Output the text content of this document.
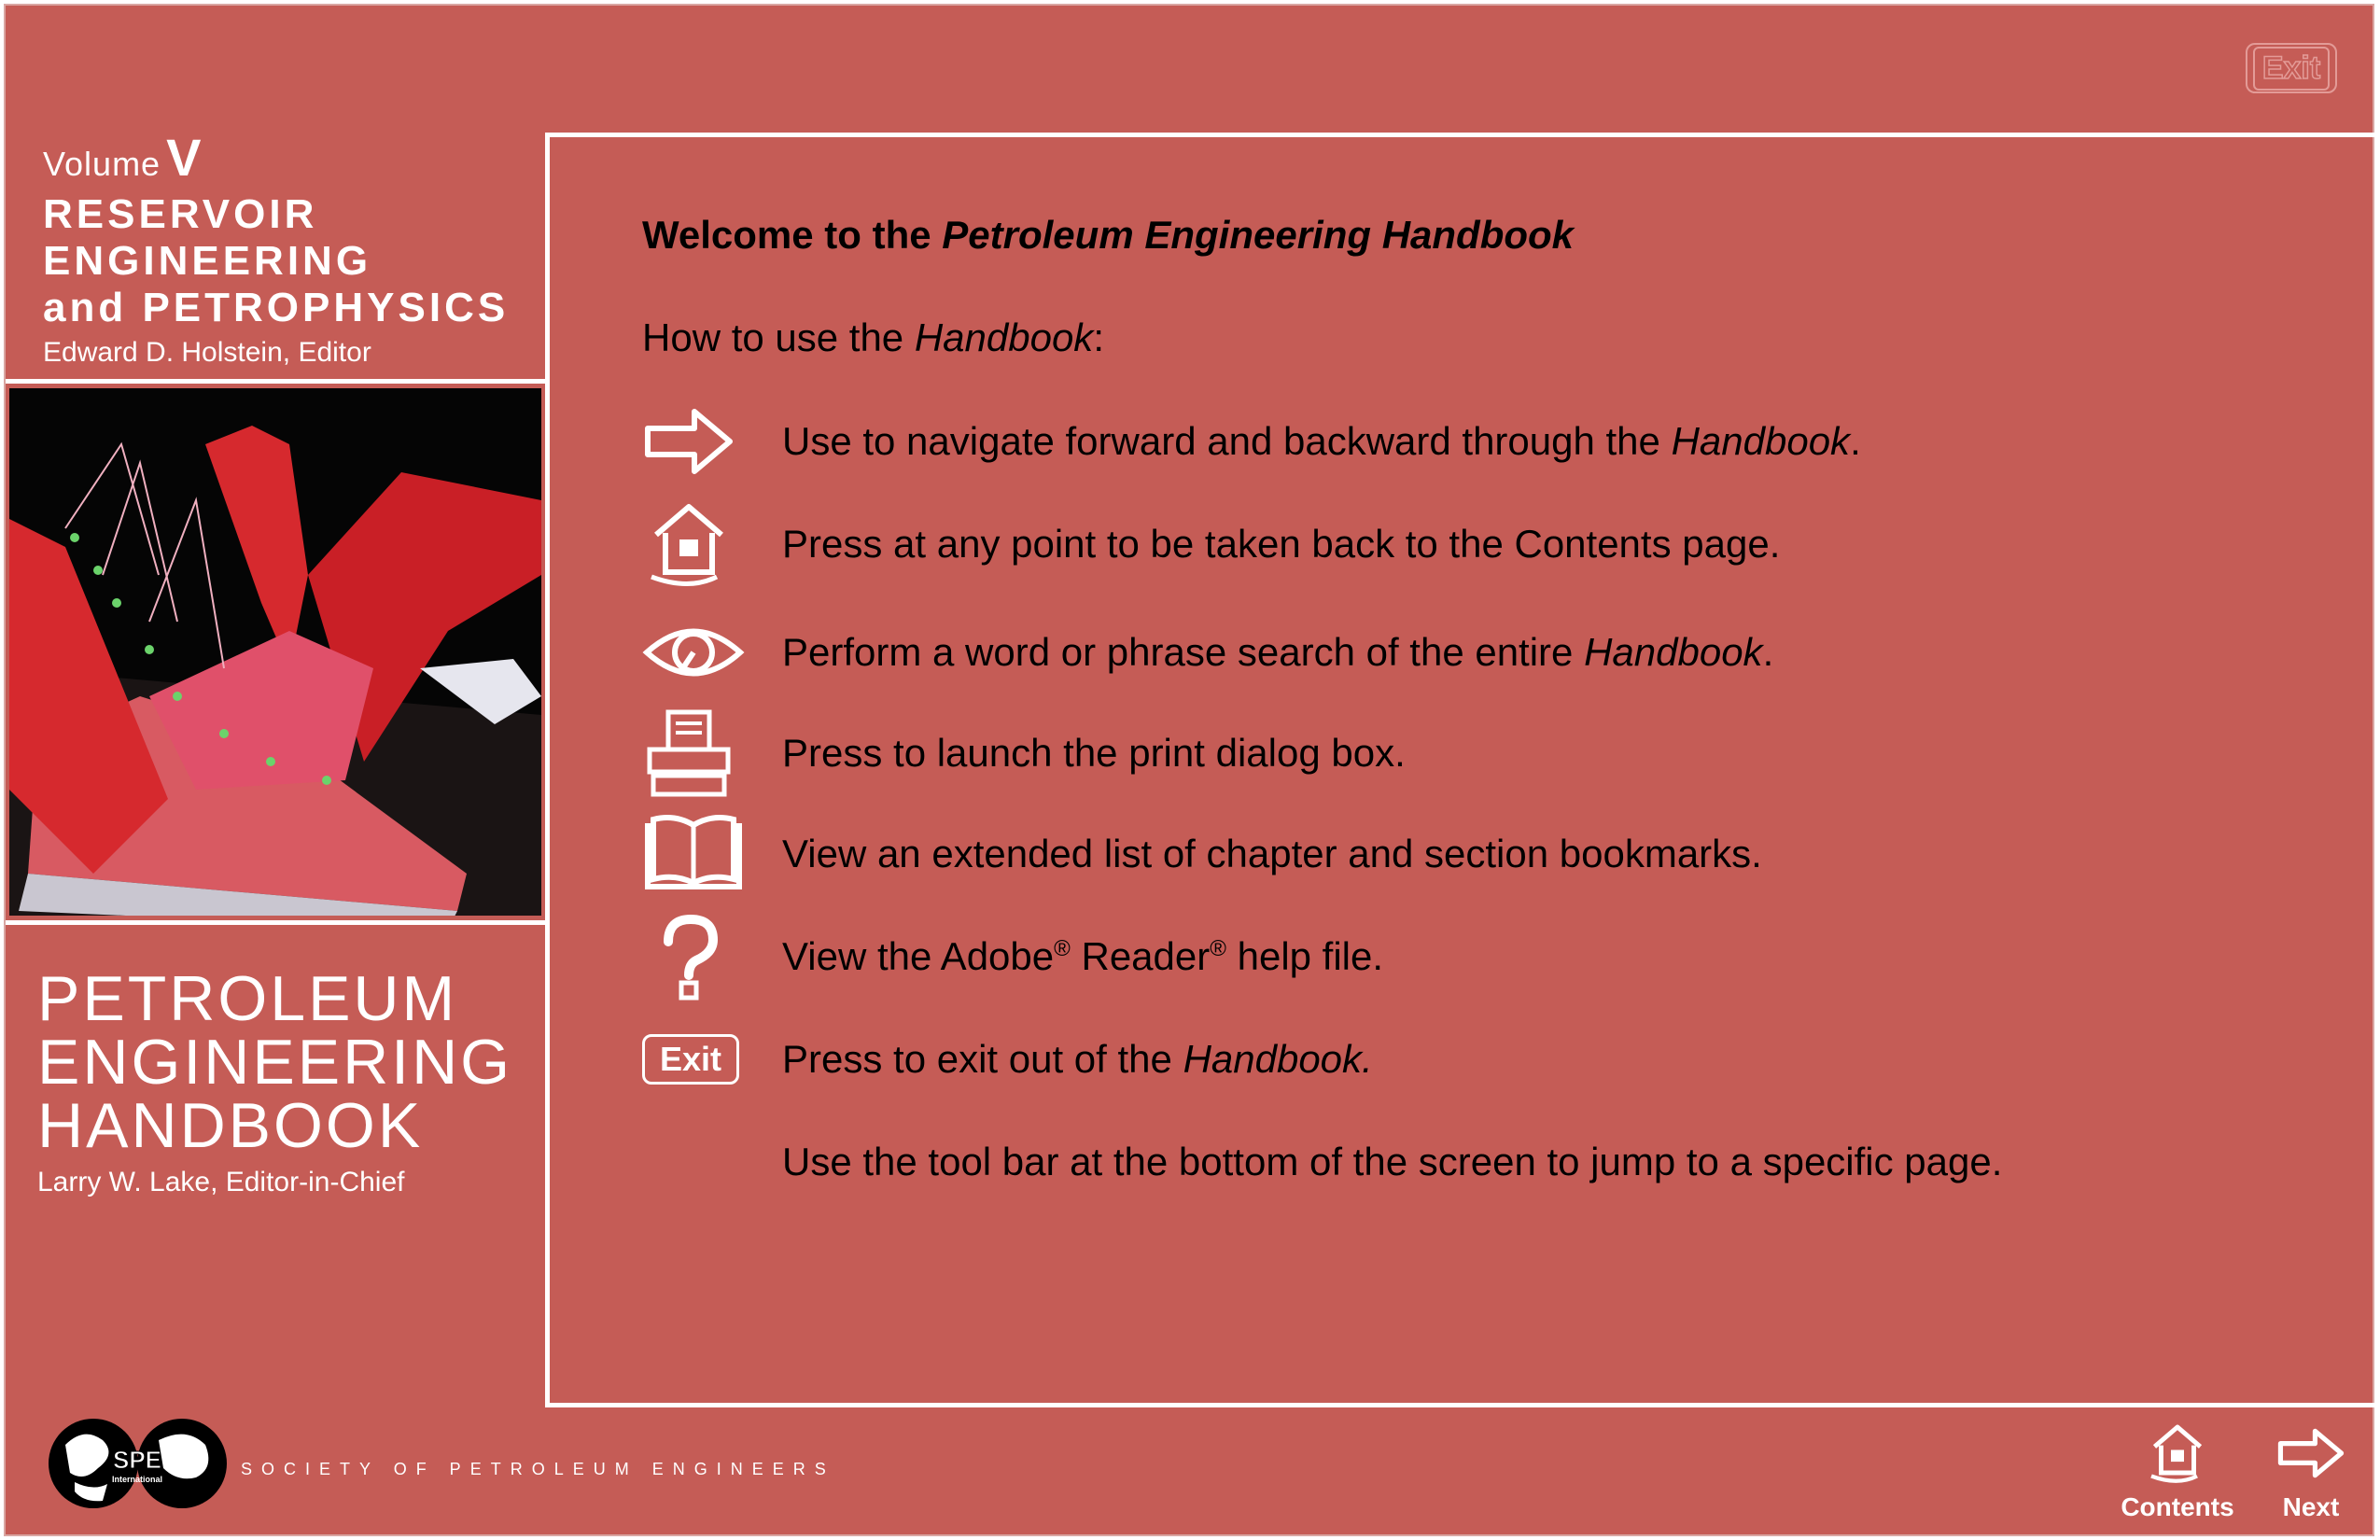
Exit
Volume V
RESERVOIR
ENGINEERING
and PETROPHYSICS
Edward D. Holstein, Editor
PETROLEUM
ENGINEERING
HANDBOOK
Larry W. Lake, Editor-in-Chief
SPE
International
SOCIETY OF PETROLEUM ENGINEERS
Welcome to the Petroleum Engineering Handbook
How to use the Handbook:
Use to navigate forward and backward through the Handbook.
Press at any point to be taken back to the Contents page.
Perform a word or phrase search of the entire Handbook.
Press to launch the print dialog box.
View an extended list of chapter and section bookmarks.
View the Adobe® Reader® help file.
Exit	Press to exit out of the Handbook.
Use the tool bar at the bottom of the screen to jump to a specific page.
Contents	Next
